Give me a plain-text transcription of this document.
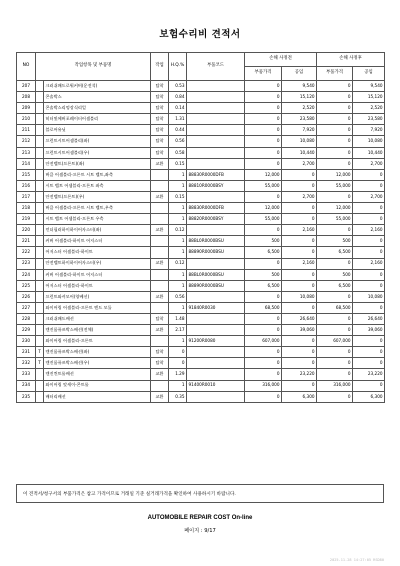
보험수리비 견적서
NO	작업항목 및 부품명		작업	H.Q.%	부품코드	손해 사정전		손해 사정후	
						부품가격	공임	부품가격	공임
207		크러쉬패드로워커버(운전석)	탈착	0.53		0	9,540	0	9,540
208		콘솔박스	탈착	0.84		0	15,120	0	15,120
209		콘솔박스리엉장식리얼	탈착	0.14		0	2,520	0	2,520
210		히터및에버포레이터어셈블리	탈착	1.31		0	23,580	0	23,580
211		블로어유닛	탈착	0.44		0	7,920	0	7,920
212		프런트시트어셈블리(좌)	탈착	0.56		0	10,080	0	10,080
213		프런트시트어셈블리(우)	탈착	0.58		0	10,440	0	10,440
214		안전벨트(프론트)(좌)	교환	0.15		0	2,700	0	2,700
215		버클 어셈블리-프론트 시트 벨트,좌측		1	88830R0000DFB	12,000	0	12,000	0
216		시트 벨트 어셈블리-프론트 좌측		1	88810R0000BSY	55,000	0	55,000	0
217		안전벨트(프론트)(우)	교환	0.15		0	2,700	0	2,700
218		버클 어셈블리-프론트 시트 벨트,우측		1	88830R0000DFB	12,000	0	12,000	0
219		시트 벨트 어셈블리-프론트 우측		1	88820R0000BSY	55,000	0	55,000	0
220		언더필러하이하이어자스터(좌)	교환	0.12		0	2,160	0	2,160
221		커버 어셈블리-하이트 어저스터		1	88BL0R0000BSU	500	0	500	0
222		어저스터 어셈블리-하이트		1	88890R0000BSU	6,500	0	6,500	0
223		안전벨트하이하이어자스터(우)	교환	0.12		0	2,160	0	2,160
224		커버 어셈블리-하이트 어저스터		1	88BL0R0000BSU	500	0	500	0
225		어저스터 어셈블리-하이트		1	88890R0000BSU	6,500	0	6,500	0
226		프런트와셔모어(양베선)	교환	0.56		0	10,080	0	10,080
227		와이어링 어셈블리-프론트 엔드 모듈		1	91840R0030	68,500	0	68,500	0
228		크러쉬패드배선	탈착	1.48		0	26,640	0	26,640
229		엔진룸퓨즈박스배선(전체)	교환	2.17		0	39,060	0	39,060
230		와이어링 어셈블리-프론트		1	91200R0080	607,000	0	607,000	0
231	T	엔진룸퓨즈박스배선(좌)	탈착	0		0	0	0	0
232	T	엔진룸퓨즈박스배선(우)	탈착	0		0	0	0	0
233		엔진컨트롤배선	교환	1.29		0	23,220	0	23,220
234		와이어링 앗세이-콘트롤		1	91400R0010	316,000	0	316,000	0
235		배터리배선	교환	0.35		0	6,300	0	6,300
이 견적서/청구서의 부품가격은 참고 가격이므로 거래일 기준 실거래가격을 확인하여 사용하시기 바랍니다.
AUTOMOBILE REPAIR COST On-line
페이지 : 9/17
2025-11-28 14:27:05 RSD80
